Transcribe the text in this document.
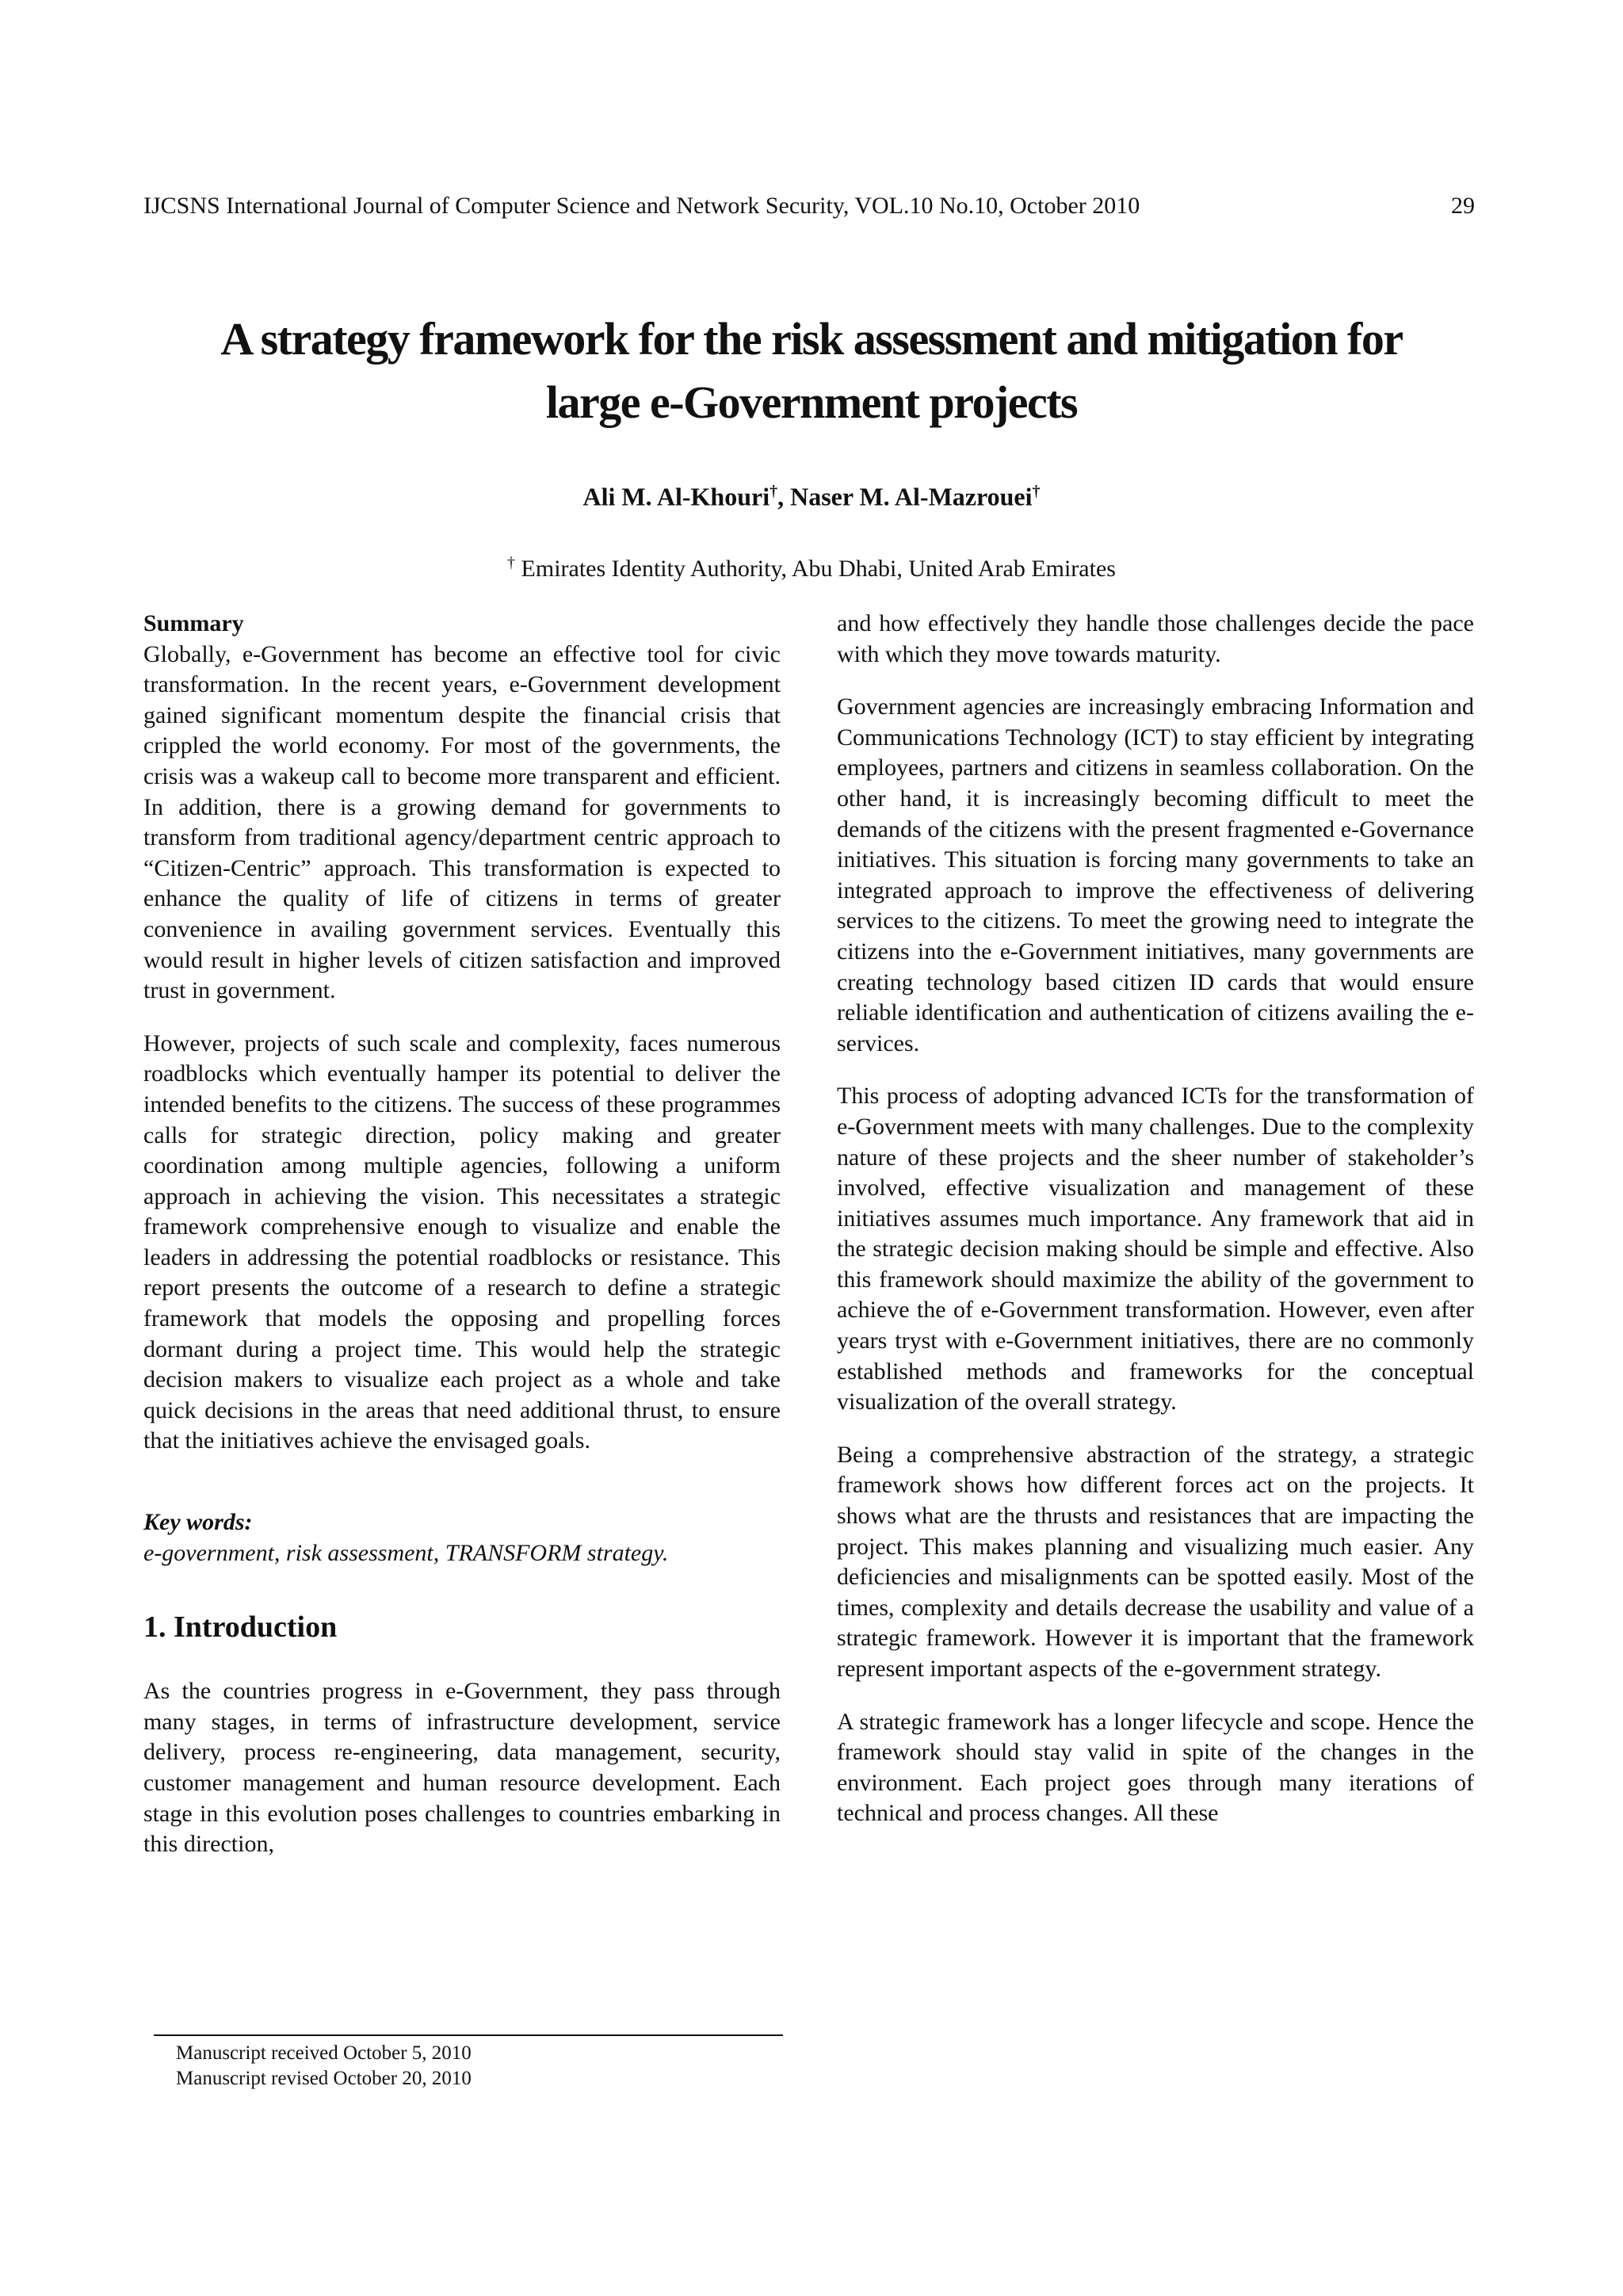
IJCSNS International Journal of Computer Science and Network Security, VOL.10 No.10, October 2010	29
A strategy framework for the risk assessment and mitigation for
large e-Government projects
Ali M. Al-Khouri†, Naser M. Al-Mazrouei†
† Emirates Identity Authority, Abu Dhabi, United Arab Emirates
Summary

Globally, e-Government has become an effective tool for civic transformation. In the recent years, e-Government development gained significant momentum despite the financial crisis that crippled the world economy. For most of the governments, the crisis was a wakeup call to become more transparent and efficient. In addition, there is a growing demand for governments to transform from traditional agency/department centric approach to “Citizen-Centric” approach. This transformation is expected to enhance the quality of life of citizens in terms of greater convenience in availing government services. Eventually this would result in higher levels of citizen satisfaction and improved trust in government.

However, projects of such scale and complexity, faces numerous roadblocks which eventually hamper its potential to deliver the intended benefits to the citizens. The success of these programmes calls for strategic direction, policy making and greater coordination among multiple agencies, following a uniform approach in achieving the vision. This necessitates a strategic framework comprehensive enough to visualize and enable the leaders in addressing the potential roadblocks or resistance. This report presents the outcome of a research to define a strategic framework that models the opposing and propelling forces dormant during a project time. This would help the strategic decision makers to visualize each project as a whole and take quick decisions in the areas that need additional thrust, to ensure that the initiatives achieve the envisaged goals.

Key words:
e-government, risk assessment, TRANSFORM strategy.
1. Introduction

As the countries progress in e-Government, they pass through many stages, in terms of infrastructure development, service delivery, process re-engineering, data management, security, customer management and human resource development. Each stage in this evolution poses challenges to countries embarking in this direction,

and how effectively they handle those challenges decide the pace with which they move towards maturity.

Government agencies are increasingly embracing Information and Communications Technology (ICT) to stay efficient by integrating employees, partners and citizens in seamless collaboration. On the other hand, it is increasingly becoming difficult to meet the demands of the citizens with the present fragmented e-Governance initiatives. This situation is forcing many governments to take an integrated approach to improve the effectiveness of delivering services to the citizens. To meet the growing need to integrate the citizens into the e-Government initiatives, many governments are creating technology based citizen ID cards that would ensure reliable identification and authentication of citizens availing the e-services.

This process of adopting advanced ICTs for the transformation of e-Government meets with many challenges. Due to the complexity nature of these projects and the sheer number of stakeholder’s involved, effective visualization and management of these initiatives assumes much importance. Any framework that aid in the strategic decision making should be simple and effective. Also this framework should maximize the ability of the government to achieve the of e-Government transformation. However, even after years tryst with e-Government initiatives, there are no commonly established methods and frameworks for the conceptual visualization of the overall strategy.

Being a comprehensive abstraction of the strategy, a strategic framework shows how different forces act on the projects. It shows what are the thrusts and resistances that are impacting the project. This makes planning and visualizing much easier. Any deficiencies and misalignments can be spotted easily. Most of the times, complexity and details decrease the usability and value of a strategic framework. However it is important that the framework represent important aspects of the e-government strategy.

A strategic framework has a longer lifecycle and scope. Hence the framework should stay valid in spite of the changes in the environment. Each project goes through many iterations of technical and process changes. All these

Manuscript received October 5, 2010
Manuscript revised October 20, 2010
